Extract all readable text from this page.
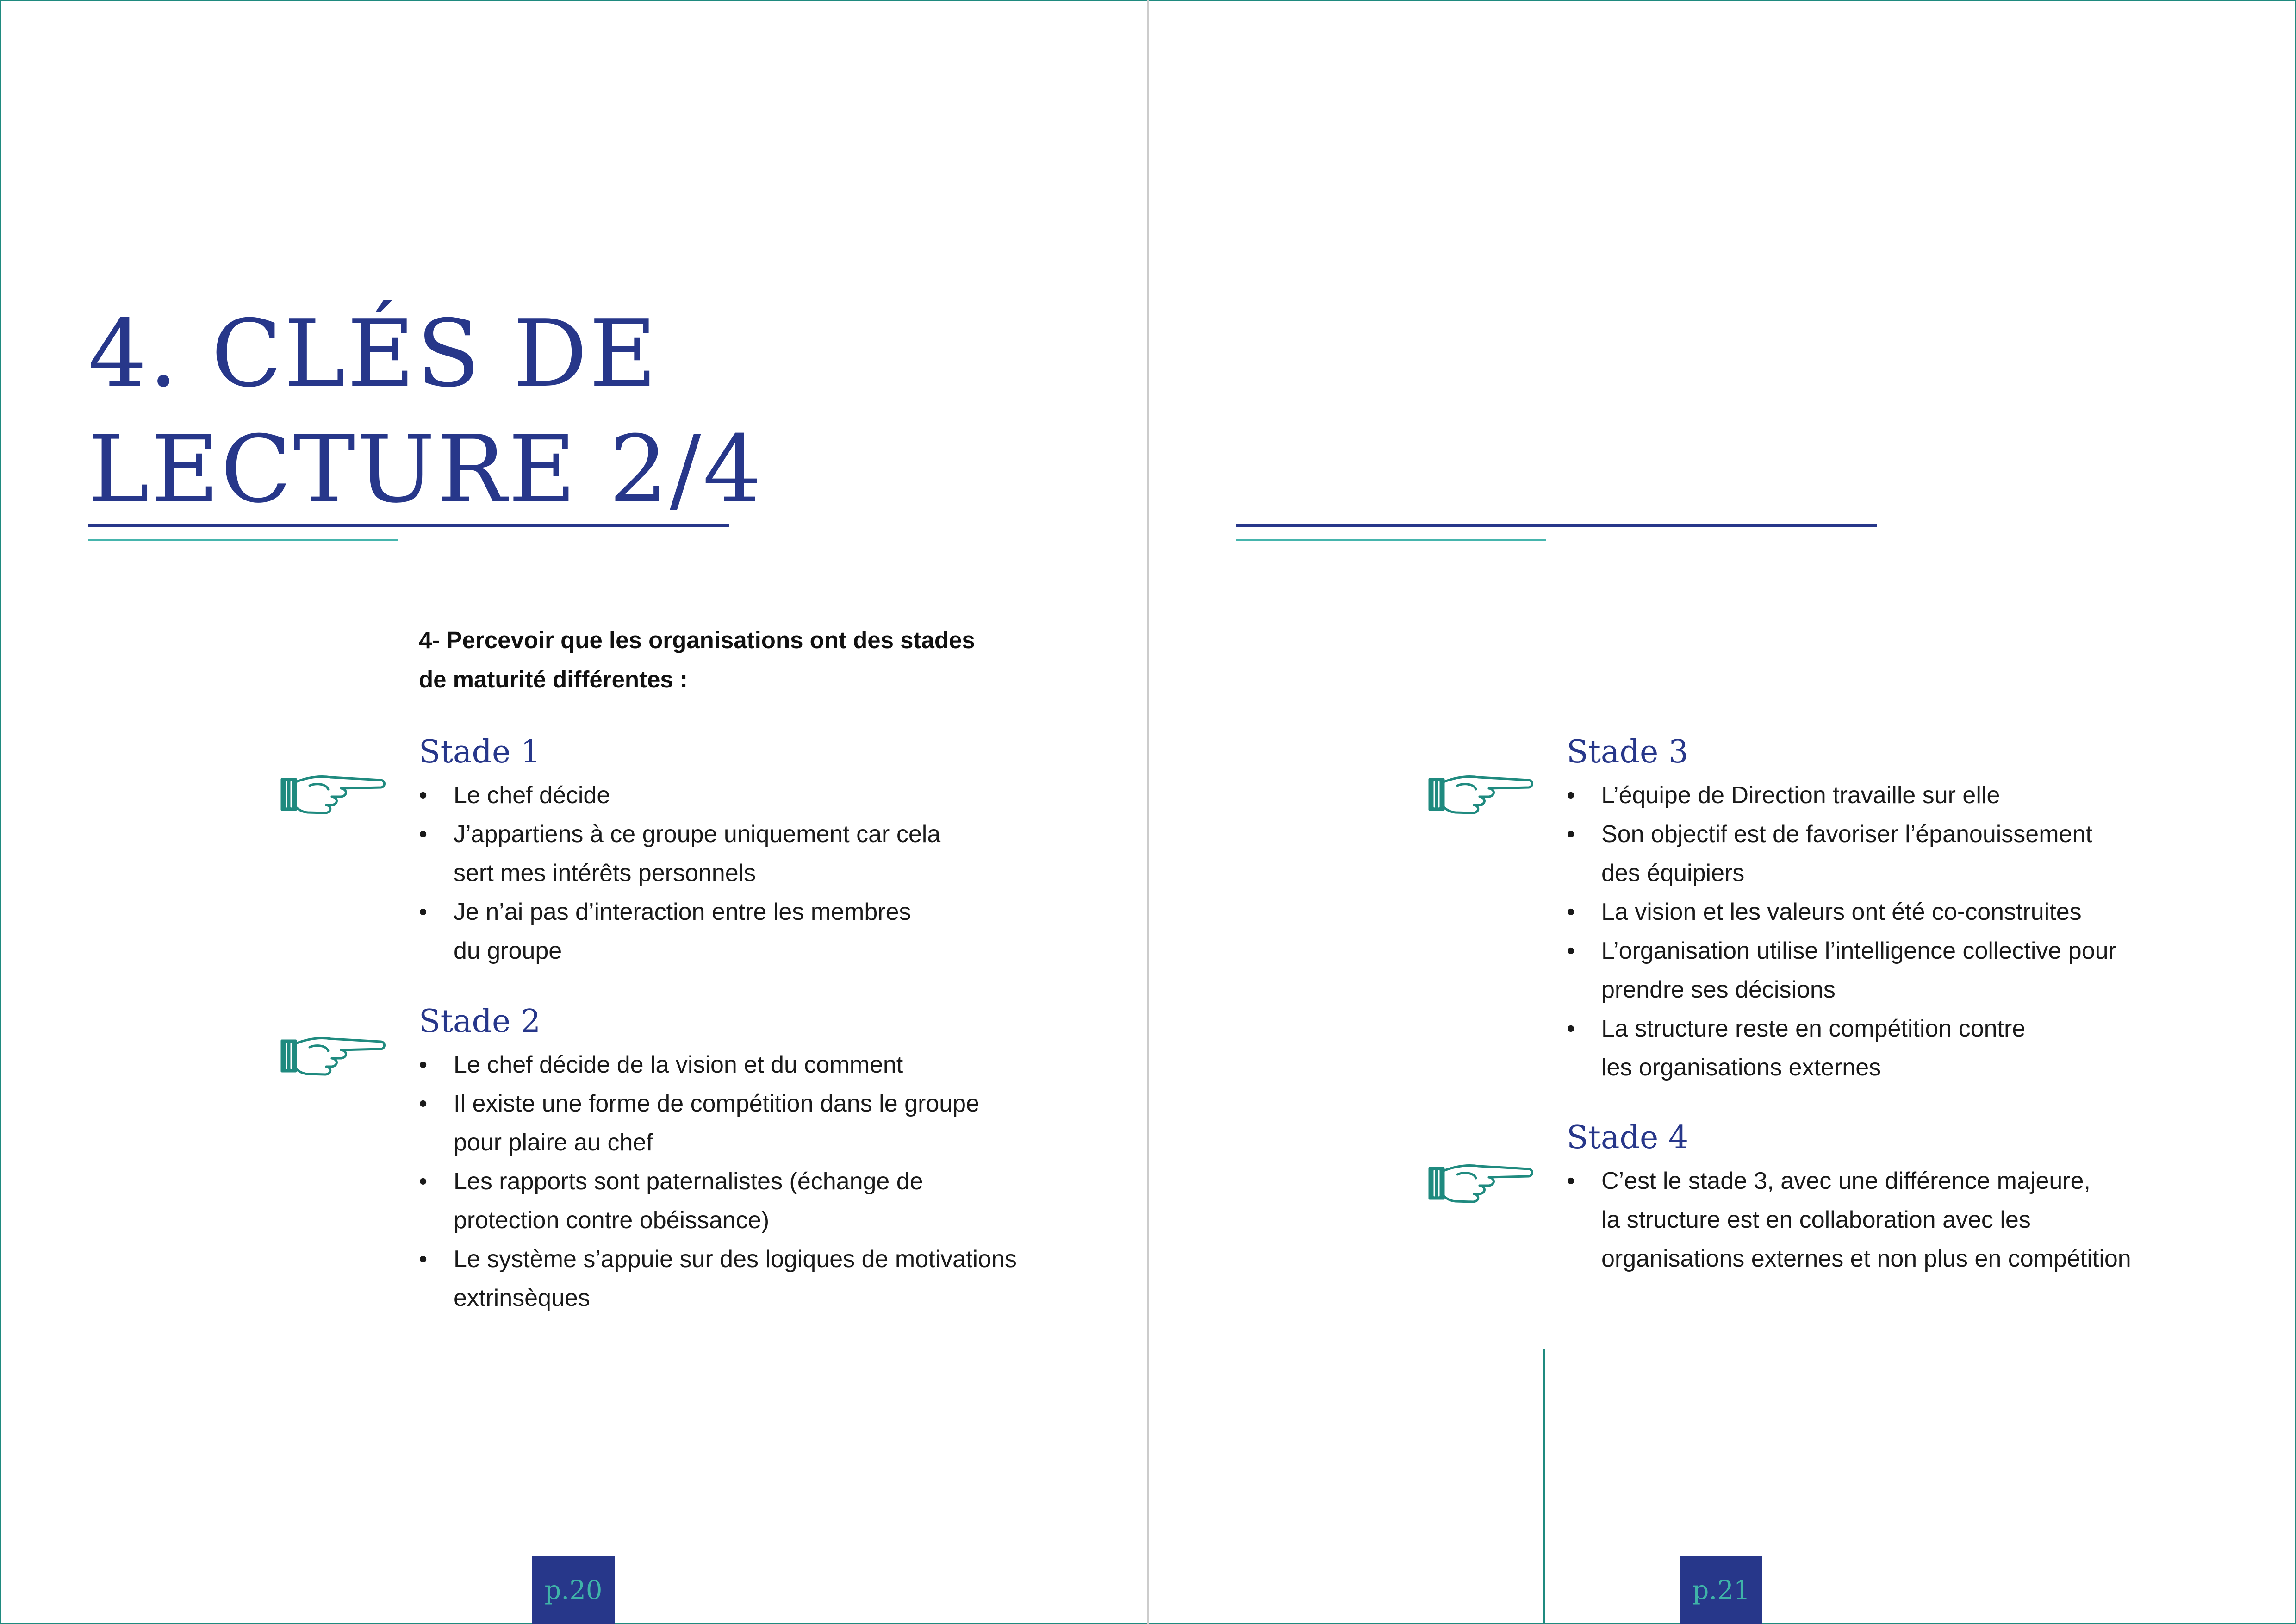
4. CLÉS DE
LECTURE 2/4
4- Percevoir que les organisations ont des stades
de maturité différentes :
Stade 1
• Le chef décide
• J’appartiens à ce groupe uniquement car cela
sert mes intérêts personnels
• Je n’ai pas d’interaction entre les membres
du groupe
Stade 2
• Le chef décide de la vision et du comment
• Il existe une forme de compétition dans le groupe
pour plaire au chef
• Les rapports sont paternalistes (échange de
protection contre obéissance)
• Le système s’appuie sur des logiques de motivations
extrinsèques
p.20
Stade 3
• L’équipe de Direction travaille sur elle
• Son objectif est de favoriser l’épanouissement
des équipiers
• La vision et les valeurs ont été co-construites
• L’organisation utilise l’intelligence collective pour
prendre ses décisions
• La structure reste en compétition contre
les organisations externes
Stade 4
• C’est le stade 3, avec une différence majeure,
la structure est en collaboration avec les
organisations externes et non plus en compétition
p.21
